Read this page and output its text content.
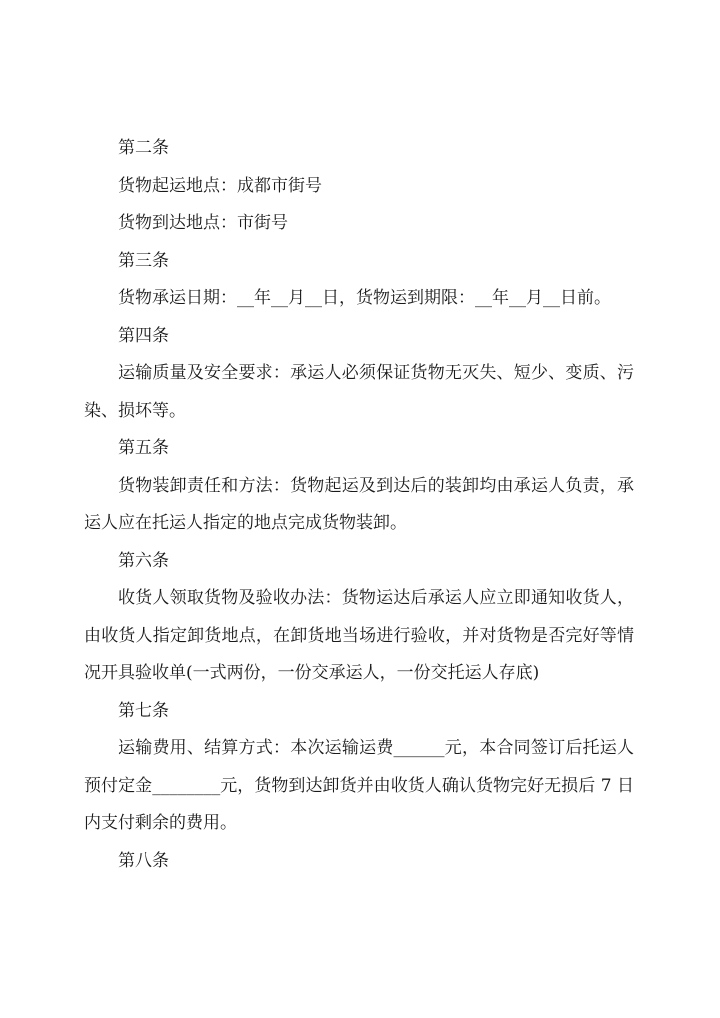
第二条

货物起运地点：成都市街号

货物到达地点：市街号

第三条

货物承运日期：__年__月__日，货物运到期限：__年__月__日前。

第四条

运输质量及安全要求：承运人必须保证货物无灭失、短少、变质、污染、损坏等。

第五条

货物装卸责任和方法：货物起运及到达后的装卸均由承运人负责，承运人应在托运人指定的地点完成货物装卸。

第六条

收货人领取货物及验收办法：货物运达后承运人应立即通知收货人，由收货人指定卸货地点，在卸货地当场进行验收，并对货物是否完好等情况开具验收单(一式两份，一份交承运人，一份交托运人存底)

第七条

运输费用、结算方式：本次运输运费______元，本合同签订后托运人预付定金________元，货物到达卸货并由收货人确认货物完好无损后 7 日内支付剩余的费用。

第八条
